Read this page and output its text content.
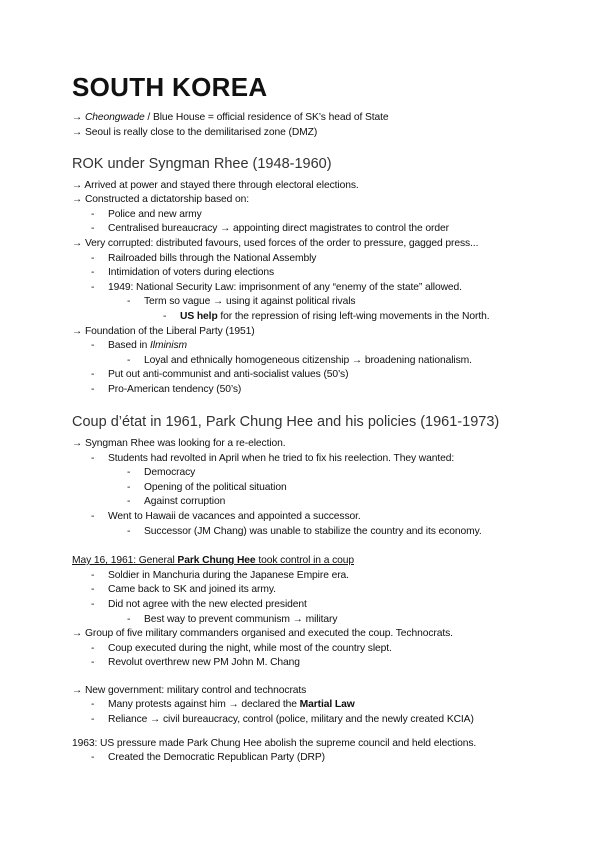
SOUTH KOREA
→ Cheongwade / Blue House = official residence of SK’s head of State
→ Seoul is really close to the demilitarised zone (DMZ)
ROK under Syngman Rhee (1948-1960)
→ Arrived at power and stayed there through electoral elections.
→ Constructed a dictatorship based on:
- Police and new army
- Centralised bureaucracy → appointing direct magistrates to control the order
→ Very corrupted: distributed favours, used forces of the order to pressure, gagged press...
- Railroaded bills through the National Assembly
- Intimidation of voters during elections
- 1949: National Security Law: imprisonment of any “enemy of the state” allowed.
- Term so vague → using it against political rivals
- US help for the repression of rising left-wing movements in the North.
→ Foundation of the Liberal Party (1951)
- Based in Ilminism
- Loyal and ethnically homogeneous citizenship → broadening nationalism.
- Put out anti-communist and anti-socialist values (50’s)
- Pro-American tendency (50’s)
Coup d’état in 1961, Park Chung Hee and his policies (1961-1973)
→ Syngman Rhee was looking for a re-election.
- Students had revolted in April when he tried to fix his reelection. They wanted:
- Democracy
- Opening of the political situation
- Against corruption
- Went to Hawaii de vacances and appointed a successor.
- Successor (JM Chang) was unable to stabilize the country and its economy.
May 16, 1961: General Park Chung Hee took control in a coup
- Soldier in Manchuria during the Japanese Empire era.
- Came back to SK and joined its army.
- Did not agree with the new elected president
- Best way to prevent communism → military
→ Group of five military commanders organised and executed the coup. Technocrats.
- Coup executed during the night, while most of the country slept.
- Revolut overthrew new PM John M. Chang
→ New government: military control and technocrats
- Many protests against him → declared the Martial Law
- Reliance → civil bureaucracy, control (police, military and the newly created KCIA)
1963: US pressure made Park Chung Hee abolish the supreme council and held elections.
- Created the Democratic Republican Party (DRP)
